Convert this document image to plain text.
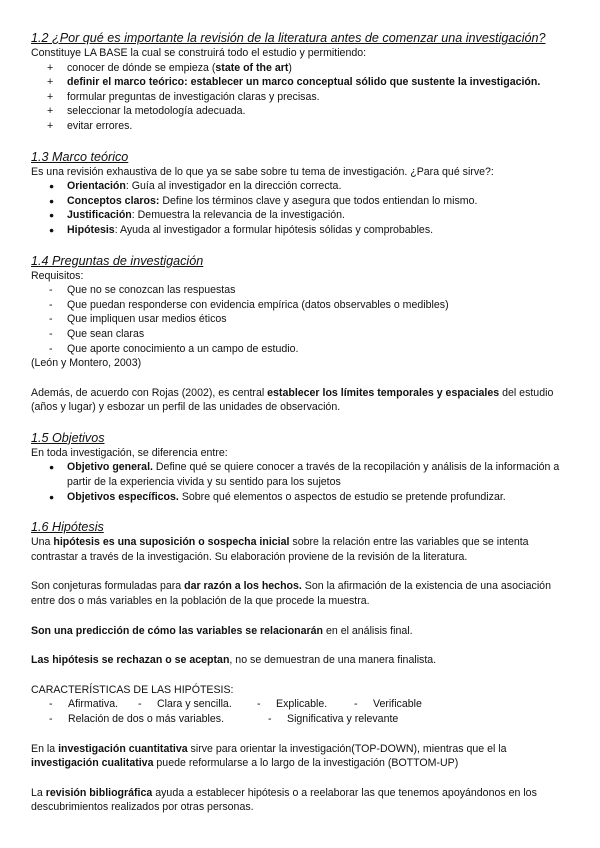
1.2 ¿Por qué es importante la revisión de la literatura antes de comenzar una investigación?

Constituye LA BASE la cual se construirá todo el estudio y permitiendo:

+ conocer de dónde se empieza (state of the art)
+ definir el marco teórico: establecer un marco conceptual sólido que sustente la investigación.
+ formular preguntas de investigación claras y precisas.
+ seleccionar la metodología adecuada.
+ evitar errores.
1.3 Marco teórico

Es una revisión exhaustiva de lo que ya se sabe sobre tu tema de investigación. ¿Para qué sirve?:

● Orientación: Guía al investigador en la dirección correcta.
● Conceptos claros: Define los términos clave y asegura que todos entiendan lo mismo.
● Justificación: Demuestra la relevancia de la investigación.
● Hipótesis: Ayuda al investigador a formular hipótesis sólidas y comprobables.
1.4 Preguntas de investigación

Requisitos:

- Que no se conozcan las respuestas
- Que puedan responderse con evidencia empírica (datos observables o medibles)
- Que impliquen usar medios éticos
- Que sean claras
- Que aporte conocimiento a un campo de estudio.

(León y Montero, 2003)

Además, de acuerdo con Rojas (2002), es central establecer los límites temporales y espaciales del estudio (años y lugar) y esbozar un perfil de las unidades de observación.

1.5 Objetivos

En toda investigación, se diferencia entre:

● Objetivo general. Define qué se quiere conocer a través de la recopilación y análisis de la información a partir de la experiencia vivida y su sentido para los sujetos
● Objetivos específicos. Sobre qué elementos o aspectos de estudio se pretende profundizar.
1.6 Hipótesis

Una hipótesis es una suposición o sospecha inicial sobre la relación entre las variables que se intenta contrastar a través de la investigación. Su elaboración proviene de la revisión de la literatura.

Son conjeturas formuladas para dar razón a los hechos. Son la afirmación de la existencia de una asociación entre dos o más variables en la población de la que procede la muestra.

Son una predicción de cómo las variables se relacionarán en el análisis final.

Las hipótesis se rechazan o se aceptan, no se demuestran de una manera finalista.

CARACTERÍSTICAS DE LAS HIPÓTESIS:

-	Afirmativa.	-	Clara y sencilla.	-	Explicable.	-	Verificable
-	Relación de dos o más variables.	-	Significativa y relevante

En la investigación cuantitativa sirve para orientar la investigación(TOP-DOWN), mientras que el la investigación cualitativa puede reformularse a lo largo de la investigación (BOTTOM-UP)

La revisión bibliográfica ayuda a establecer hipótesis o a reelaborar las que tenemos apoyándonos en los descubrimientos realizados por otras personas.
